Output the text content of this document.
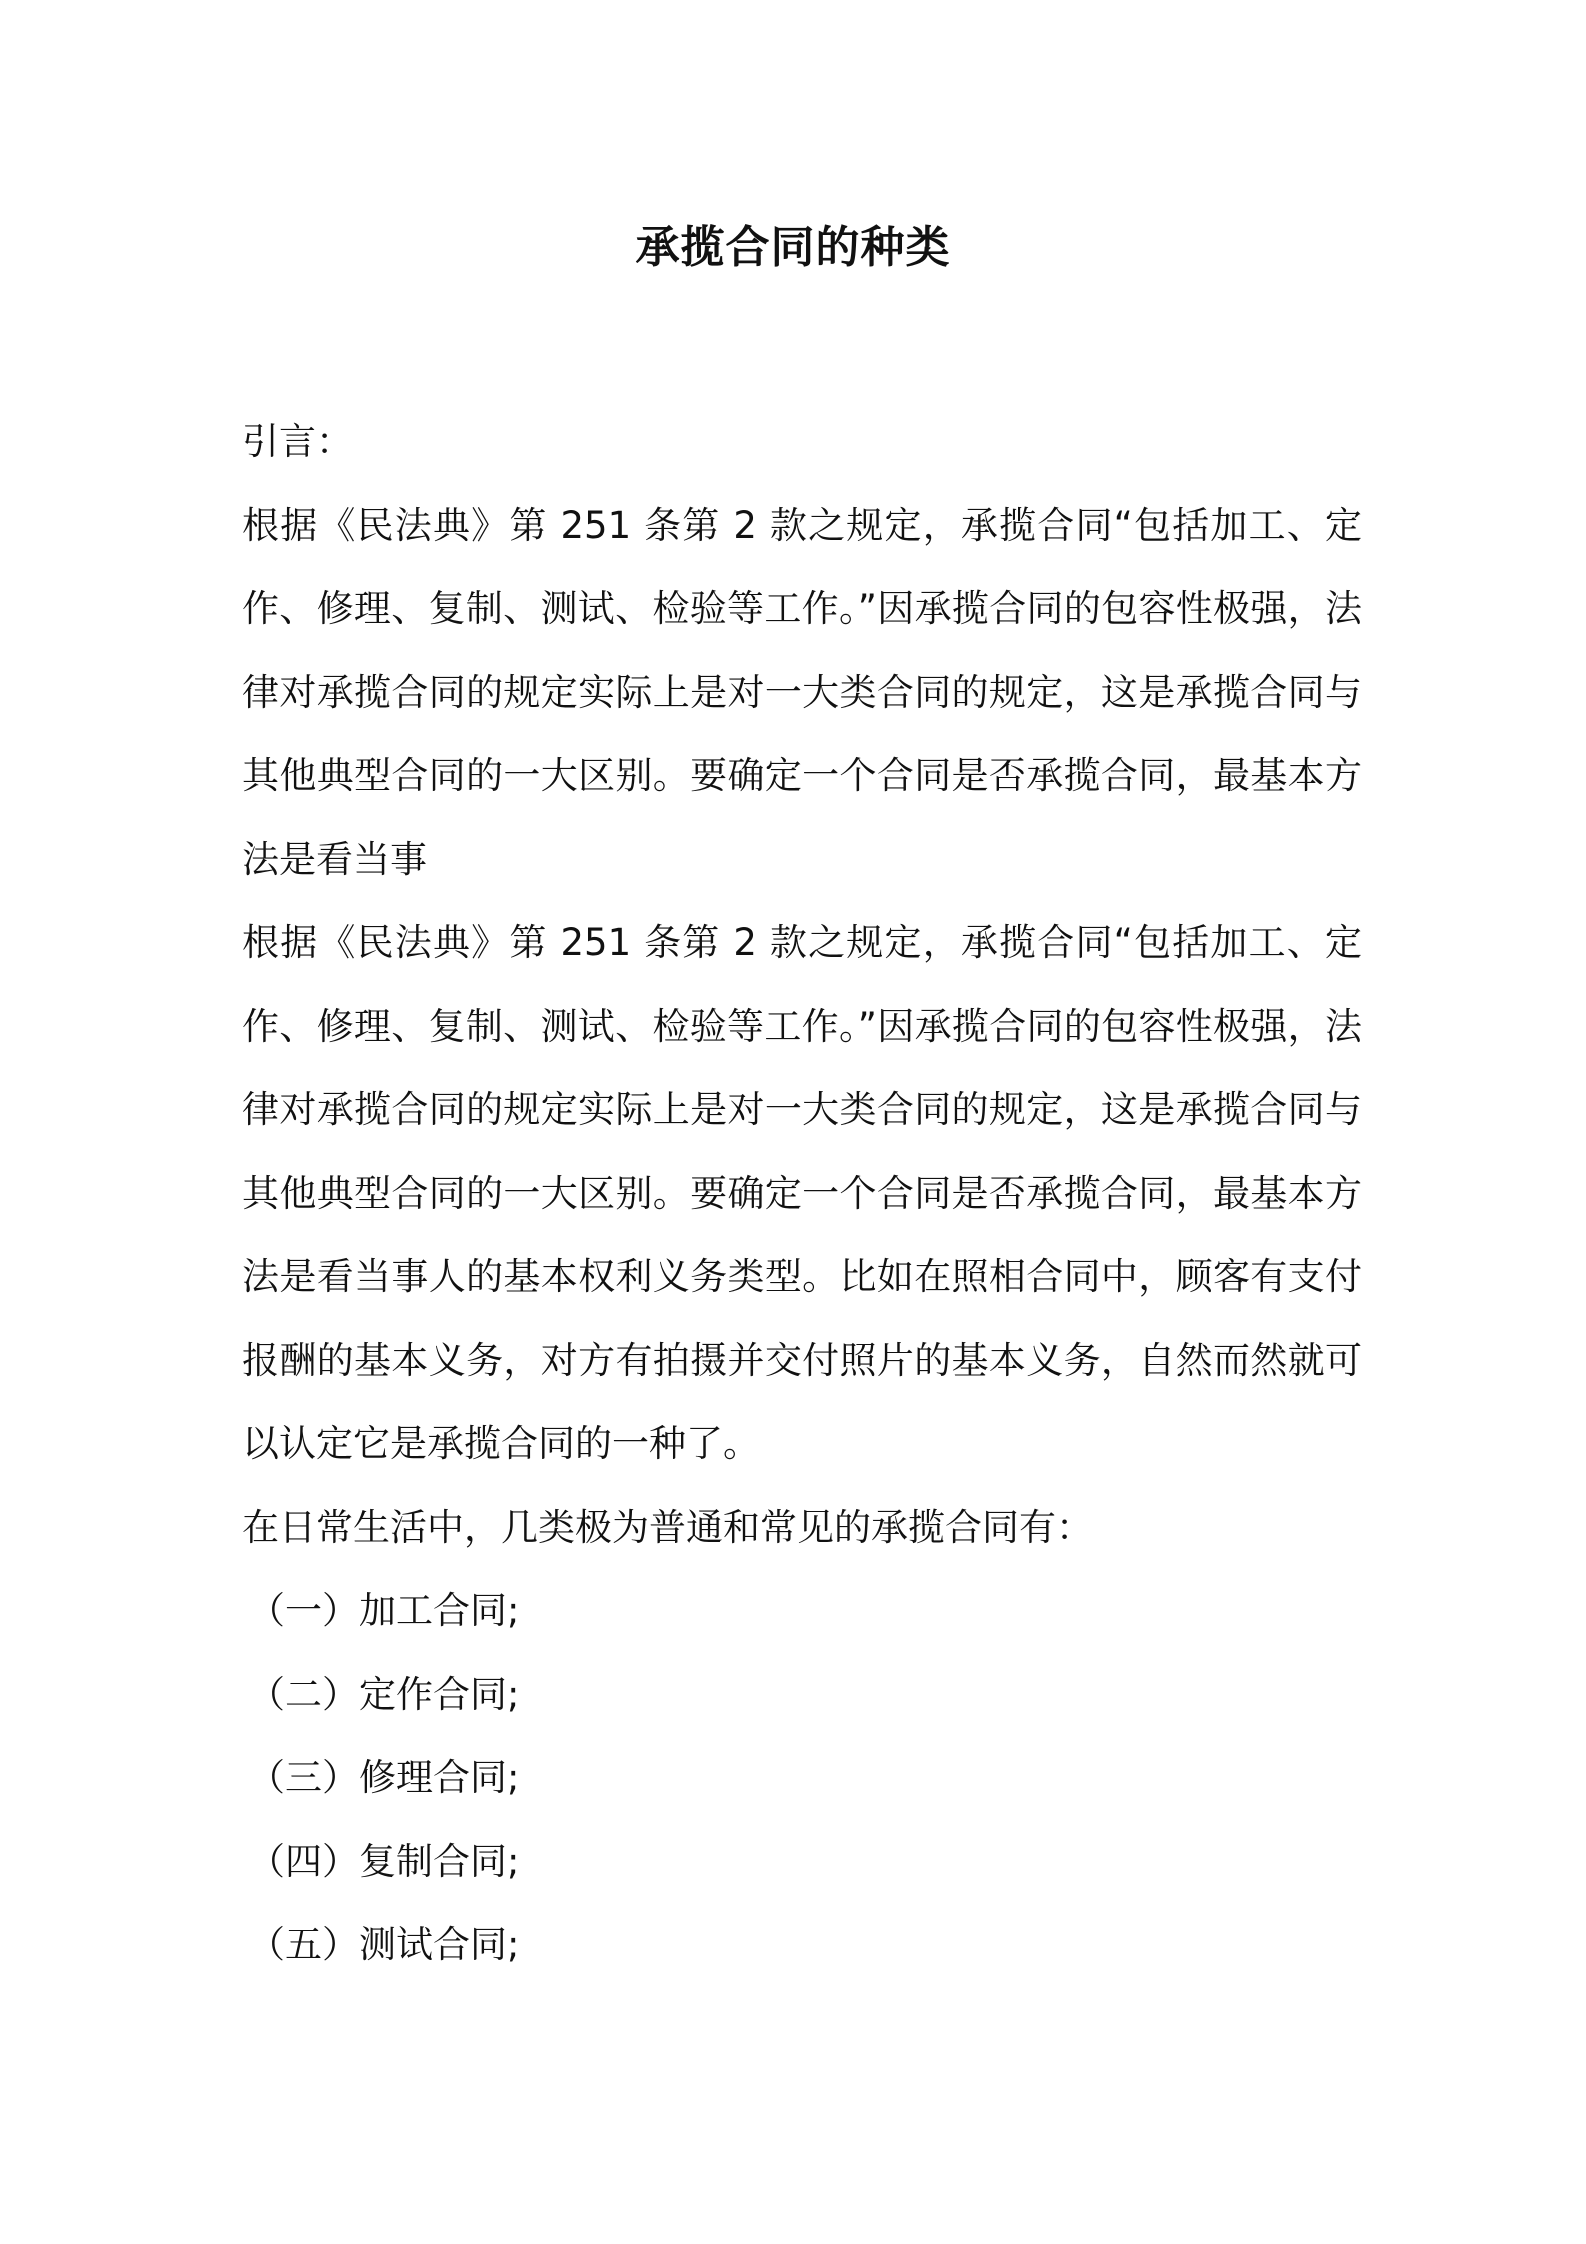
承揽合同的种类

引言：

根据《民法典》第 251 条第 2 款之规定，承揽合同“包括加工、定作、修理、复制、测试、检验等工作。”因承揽合同的包容性极强，法律对承揽合同的规定实际上是对一大类合同的规定，这是承揽合同与其他典型合同的一大区别。要确定一个合同是否承揽合同，最基本方法是看当事

根据《民法典》第 251 条第 2 款之规定，承揽合同“包括加工、定作、修理、复制、测试、检验等工作。”因承揽合同的包容性极强，法律对承揽合同的规定实际上是对一大类合同的规定，这是承揽合同与其他典型合同的一大区别。要确定一个合同是否承揽合同，最基本方法是看当事人的基本权利义务类型。比如在照相合同中，顾客有支付报酬的基本义务，对方有拍摄并交付照片的基本义务，自然而然就可以认定它是承揽合同的一种了。

在日常生活中，几类极为普通和常见的承揽合同有：

（一）加工合同;

（二）定作合同;

（三）修理合同;

（四）复制合同;

（五）测试合同;
